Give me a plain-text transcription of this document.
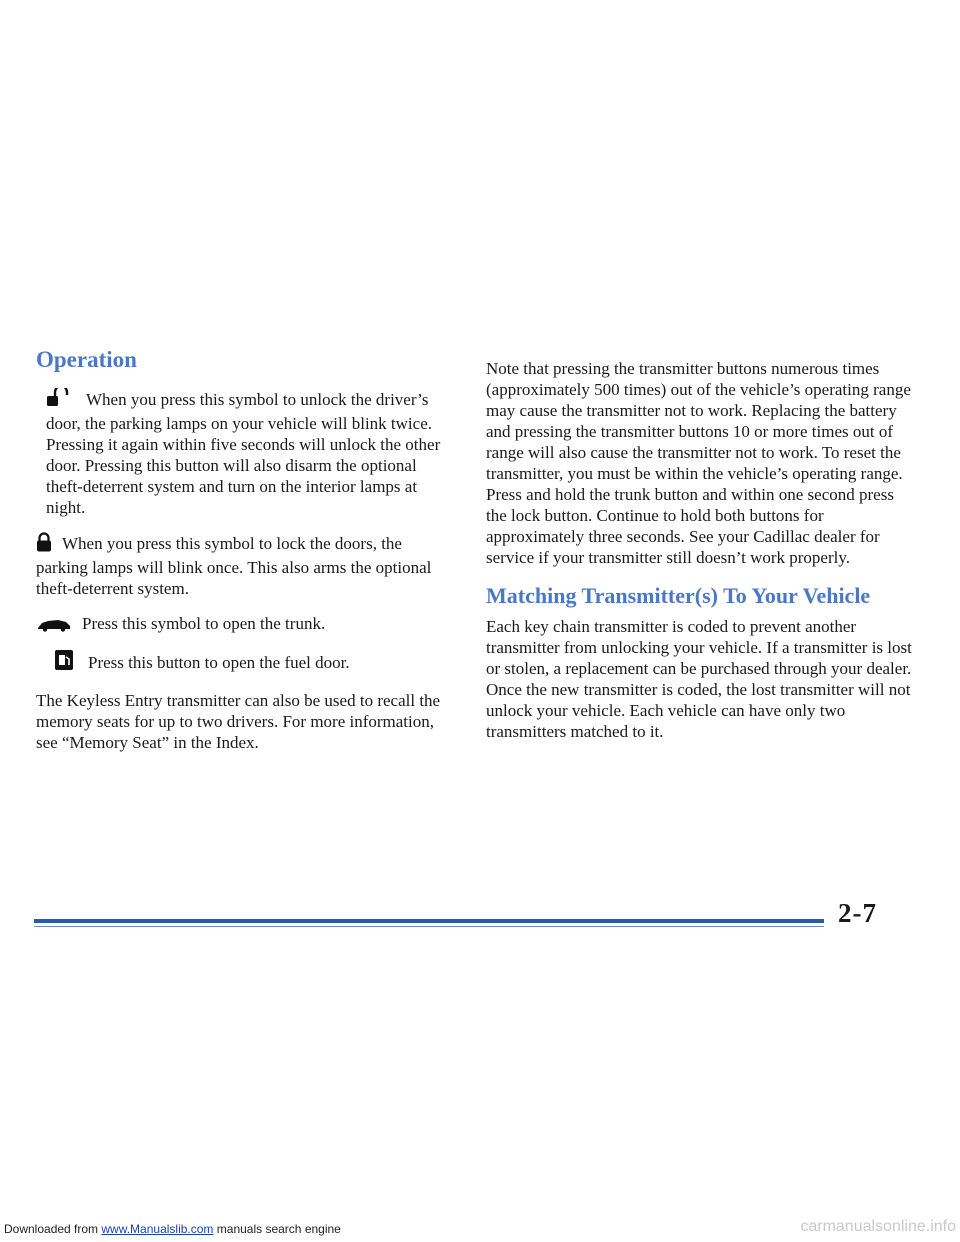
Operation

When you press this symbol to unlock the driver’s door, the parking lamps on your vehicle will blink twice. Pressing it again within five seconds will unlock the other door. Pressing this button will also disarm the optional theft-deterrent system and turn on the interior lamps at night.

When you press this symbol to lock the doors, the parking lamps will blink once. This also arms the optional theft-deterrent system.

Press this symbol to open the trunk.

Press this button to open the fuel door.

The Keyless Entry transmitter can also be used to recall the memory seats for up to two drivers. For more information, see “Memory Seat” in the Index.

Note that pressing the transmitter buttons numerous times (approximately 500 times) out of the vehicle’s operating range may cause the transmitter not to work. Replacing the battery and pressing the transmitter buttons 10 or more times out of range will also cause the transmitter not to work. To reset the transmitter, you must be within the vehicle’s operating range. Press and hold the trunk button and within one second press the lock button. Continue to hold both buttons for approximately three seconds. See your Cadillac dealer for service if your transmitter still doesn’t work properly.

Matching Transmitter(s) To Your Vehicle

Each key chain transmitter is coded to prevent another transmitter from unlocking your vehicle. If a transmitter is lost or stolen, a replacement can be purchased through your dealer. Once the new transmitter is coded, the lost transmitter will not unlock your vehicle. Each vehicle can have only two transmitters matched to it.

2-7
Downloaded from www.Manualslib.com manuals search engine	carmanualsonline.info
